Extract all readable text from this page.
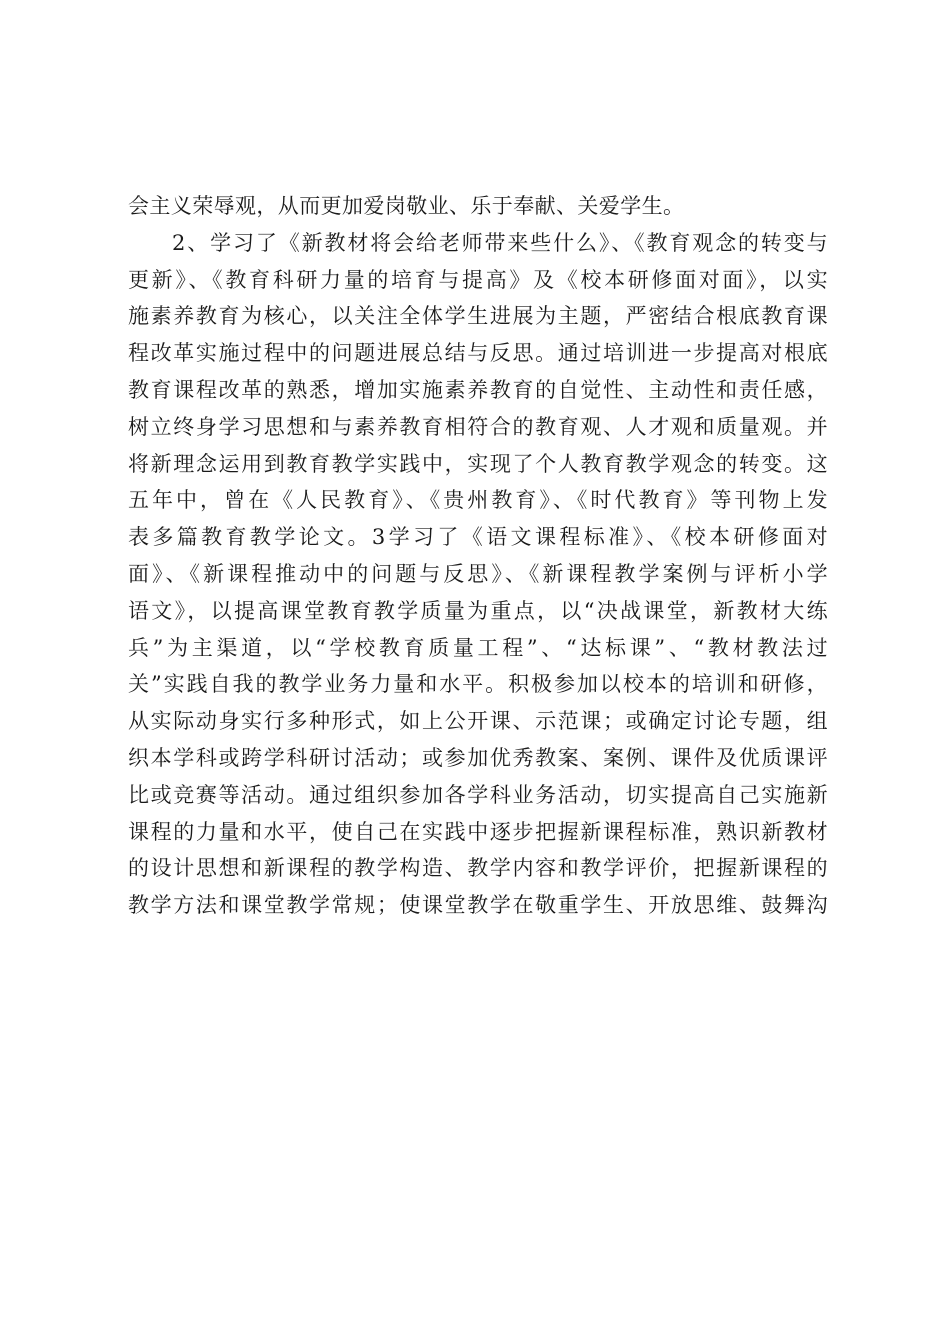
会主义荣辱观，从而更加爱岗敬业、乐于奉献、关爱学生。
2、学习了《新教材将会给老师带来些什么》、《教育观念的转变与
更新》、《教育科研力量的培育与提高》及《校本研修面对面》，以实
施素养教育为核心，以关注全体学生进展为主题，严密结合根底教育课
程改革实施过程中的问题进展总结与反思。通过培训进一步提高对根底
教育课程改革的熟悉，增加实施素养教育的自觉性、主动性和责任感，
树立终身学习思想和与素养教育相符合的教育观、人才观和质量观。并
将新理念运用到教育教学实践中，实现了个人教育教学观念的转变。这
五年中，曾在《人民教育》、《贵州教育》、《时代教育》等刊物上发
表多篇教育教学论文。3学习了《语文课程标准》、《校本研修面对
面》、《新课程推动中的问题与反思》、《新课程教学案例与评析小学
语文》，以提高课堂教育教学质量为重点，以“决战课堂，新教材大练
兵”为主渠道，以“学校教育质量工程”、“达标课”、“教材教法过
关”实践自我的教学业务力量和水平。积极参加以校本的培训和研修，
从实际动身实行多种形式，如上公开课、示范课；或确定讨论专题，组
织本学科或跨学科研讨活动；或参加优秀教案、案例、课件及优质课评
比或竞赛等活动。通过组织参加各学科业务活动，切实提高自己实施新
课程的力量和水平，使自己在实践中逐步把握新课程标准，熟识新教材
的设计思想和新课程的教学构造、教学内容和教学评价，把握新课程的
教学方法和课堂教学常规；使课堂教学在敬重学生、开放思维、鼓舞沟
